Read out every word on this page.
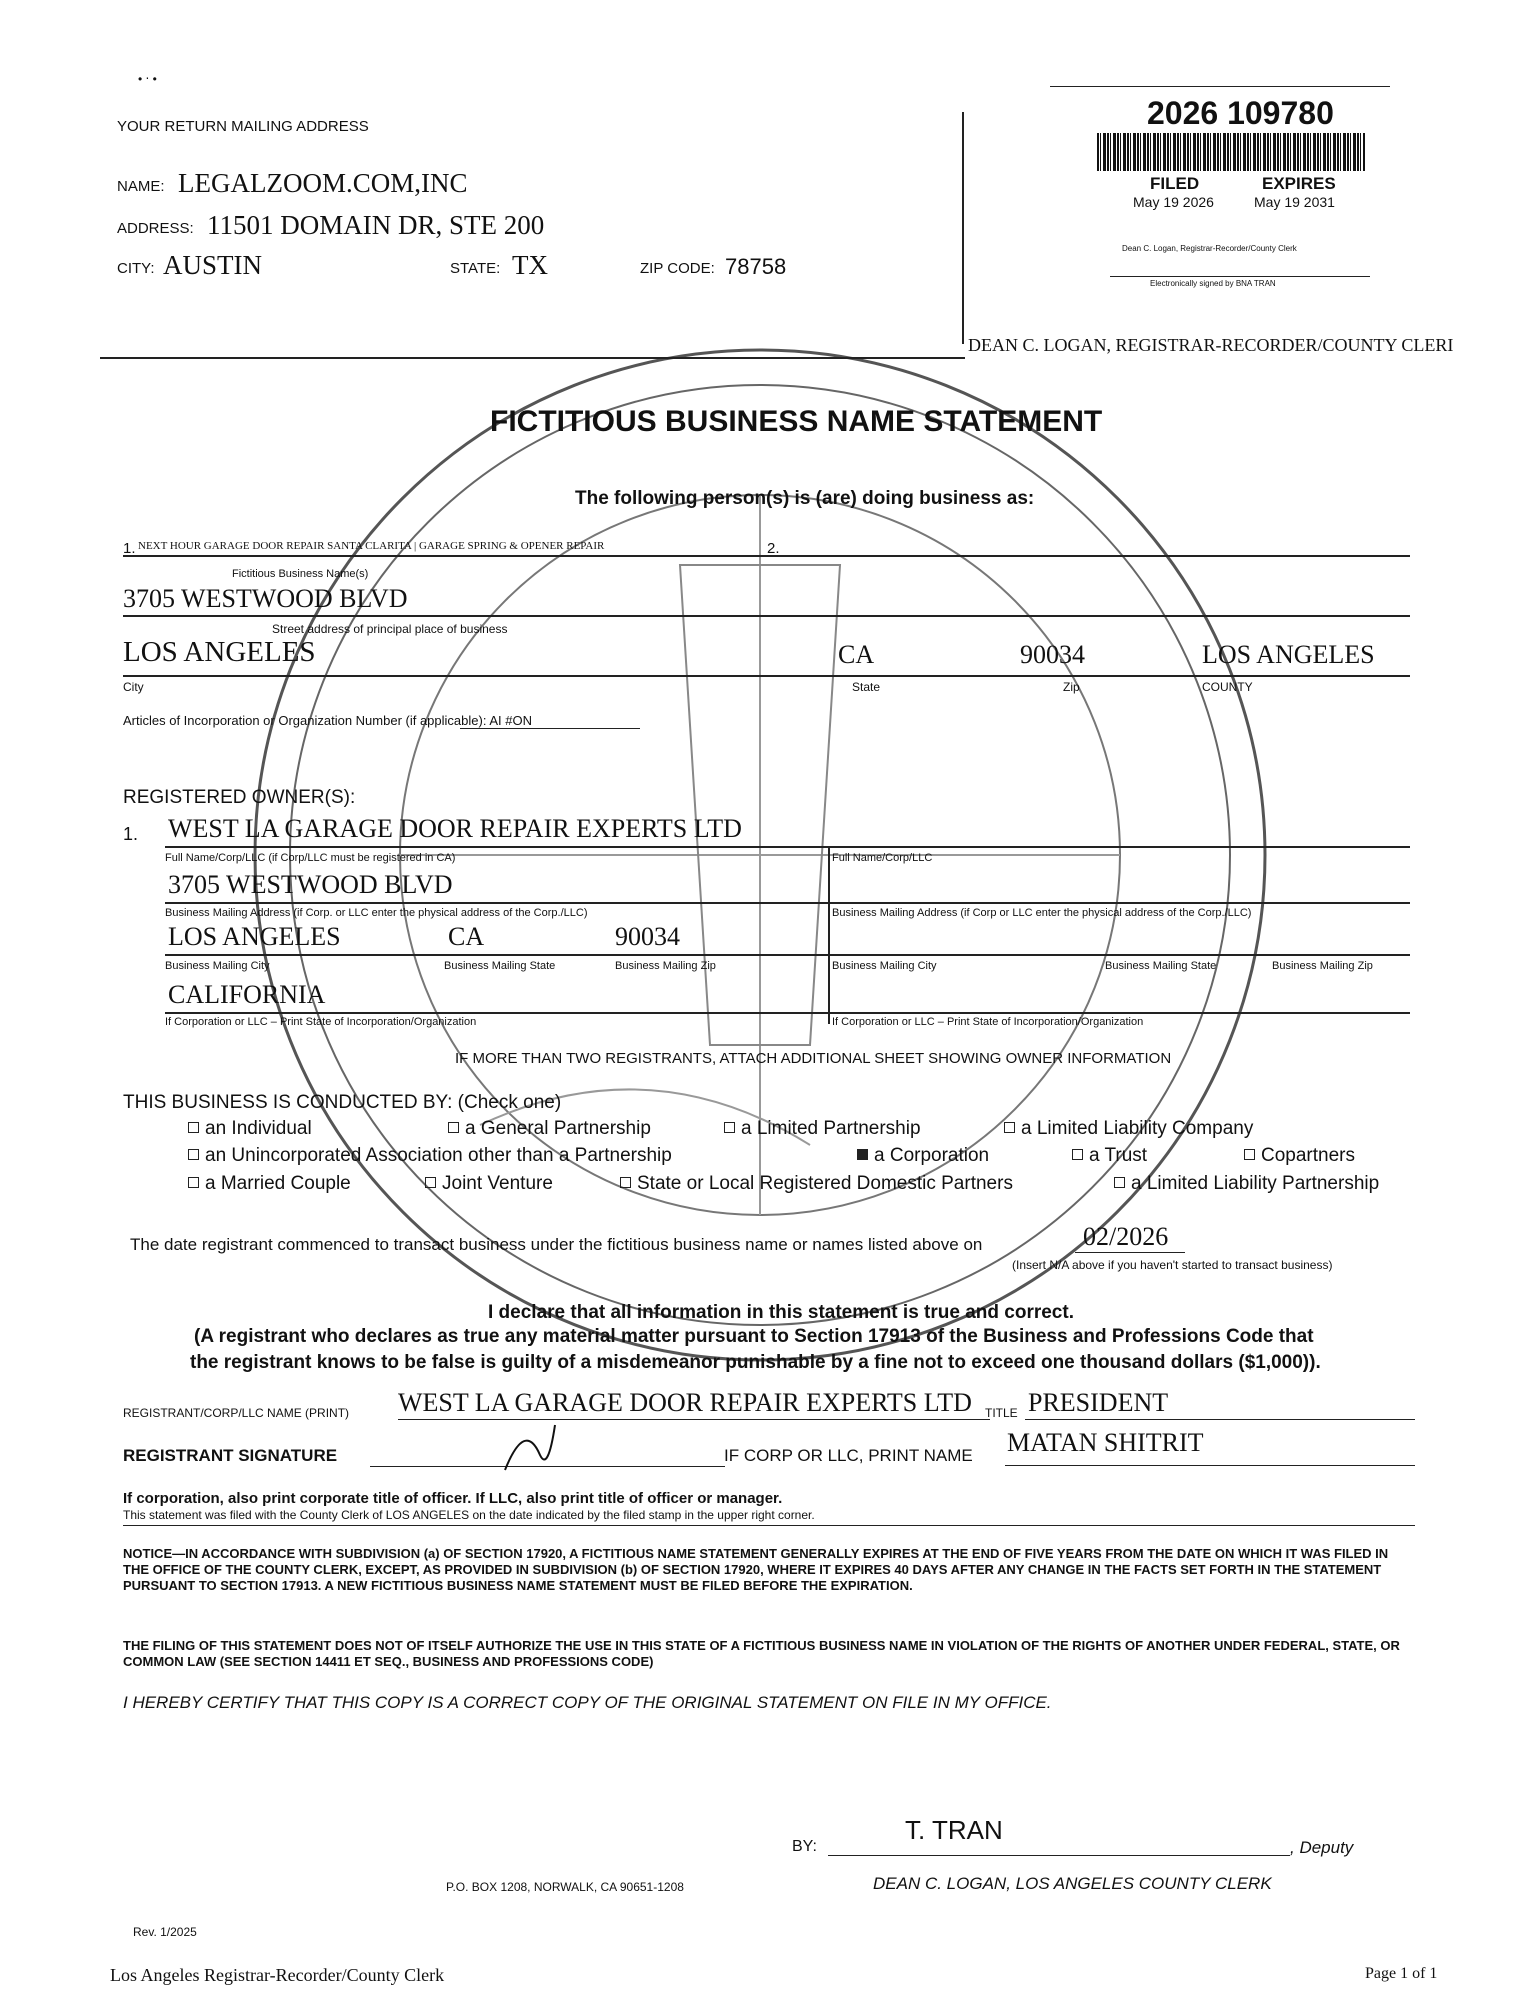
• ‧ •
YOUR RETURN MAILING ADDRESS
NAME: LEGALZOOM.COM,INC
ADDRESS: 11501 DOMAIN DR, STE 200
CITY: AUSTIN	STATE: TX	ZIP CODE: 78758
2026 109780
FILED	EXPIRES
May 19 2026	May 19 2031
Dean C. Logan, Registrar-Recorder/County Clerk
Electronically signed by BNA TRAN
DEAN C. LOGAN, REGISTRAR-RECORDER/COUNTY CLERI
FICTITIOUS BUSINESS NAME STATEMENT
The following person(s) is (are) doing business as:
1. NEXT HOUR GARAGE DOOR REPAIR SANTA CLARITA | GARAGE SPRING & OPENER REPAIR	2.
Fictitious Business Name(s)
3705 WESTWOOD BLVD
Street address of principal place of business
LOS ANGELES	CA	90034	LOS ANGELES
City	State	Zip	COUNTY
Articles of Incorporation or Organization Number (if applicable): AI #ON
REGISTERED OWNER(S):
1. WEST LA GARAGE DOOR REPAIR EXPERTS LTD
Full Name/Corp/LLC (if Corp/LLC must be registered in CA)	Full Name/Corp/LLC
3705 WESTWOOD BLVD
Business Mailing Address (if Corp. or LLC enter the physical address of the Corp./LLC)	Business Mailing Address (if Corp or LLC enter the physical address of the Corp./LLC)
LOS ANGELES	CA	90034
Business Mailing City	Business Mailing State	Business Mailing Zip	Business Mailing City	Business Mailing State	Business Mailing Zip
CALIFORNIA
If Corporation or LLC – Print State of Incorporation/Organization	If Corporation or LLC – Print State of Incorporation/Organization
IF MORE THAN TWO REGISTRANTS, ATTACH ADDITIONAL SHEET SHOWING OWNER INFORMATION
THIS BUSINESS IS CONDUCTED BY: (Check one)
an Individual	a General Partnership	a Limited Partnership	a Limited Liability Company
an Unincorporated Association other than a Partnership	a Corporation	a Trust	Copartners
a Married Couple	Joint Venture	State or Local Registered Domestic Partners	a Limited Liability Partnership
The date registrant commenced to transact business under the fictitious business name or names listed above on	02/2026
(Insert N/A above if you haven't started to transact business)
I declare that all information in this statement is true and correct.
(A registrant who declares as true any material matter pursuant to Section 17913 of the Business and Professions Code that
the registrant knows to be false is guilty of a misdemeanor punishable by a fine not to exceed one thousand dollars ($1,000)).
REGISTRANT/CORP/LLC NAME (PRINT) WEST LA GARAGE DOOR REPAIR EXPERTS LTD TITLE PRESIDENT
REGISTRANT SIGNATURE	IF CORP OR LLC, PRINT NAME MATAN SHITRIT
If corporation, also print corporate title of officer. If LLC, also print title of officer or manager.
This statement was filed with the County Clerk of LOS ANGELES on the date indicated by the filed stamp in the upper right corner.
NOTICE—IN ACCORDANCE WITH SUBDIVISION (a) OF SECTION 17920, A FICTITIOUS NAME STATEMENT GENERALLY EXPIRES AT THE END OF FIVE YEARS FROM THE DATE ON WHICH IT WAS FILED IN THE OFFICE OF THE COUNTY CLERK, EXCEPT, AS PROVIDED IN SUBDIVISION (b) OF SECTION 17920, WHERE IT EXPIRES 40 DAYS AFTER ANY CHANGE IN THE FACTS SET FORTH IN THE STATEMENT PURSUANT TO SECTION 17913. A NEW FICTITIOUS BUSINESS NAME STATEMENT MUST BE FILED BEFORE THE EXPIRATION.
THE FILING OF THIS STATEMENT DOES NOT OF ITSELF AUTHORIZE THE USE IN THIS STATE OF A FICTITIOUS BUSINESS NAME IN VIOLATION OF THE RIGHTS OF ANOTHER UNDER FEDERAL, STATE, OR COMMON LAW (SEE SECTION 14411 ET SEQ., BUSINESS AND PROFESSIONS CODE)
I HEREBY CERTIFY THAT THIS COPY IS A CORRECT COPY OF THE ORIGINAL STATEMENT ON FILE IN MY OFFICE.
BY:
T. TRAN
, Deputy
DEAN C. LOGAN, LOS ANGELES COUNTY CLERK
P.O. BOX 1208, NORWALK, CA 90651-1208
Rev. 1/2025
Los Angeles Registrar-Recorder/County Clerk	Page 1 of 1
